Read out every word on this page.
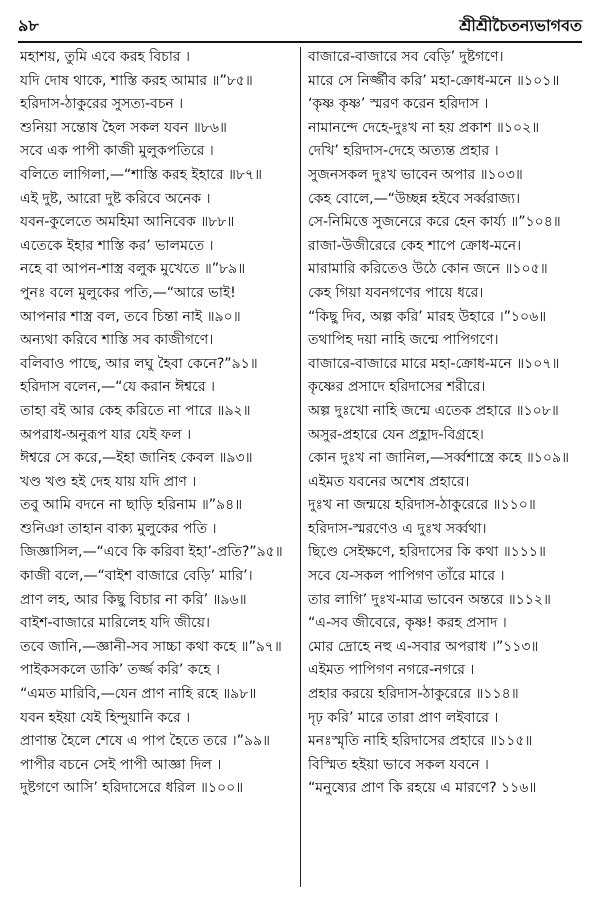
৯৮	শ্রীশ্রীচৈতন্যভাগবত
মহাশয়, তুমি এবে করহ বিচার ।
যদি দোষ থাকে, শাস্তি করহ আমার ॥”৮৫॥
হরিদাস-ঠাকুরের সুসত্য-বচন ।
শুনিয়া সন্তোষ হৈল সকল যবন ॥৮৬॥
সবে এক পাপী কাজী মুলুকপতিরে ।
বলিতে লাগিলা,—“শাস্তি করহ ইহারে ॥৮৭॥
এই দুষ্ট, আরো দুষ্ট করিবে অনেক ।
যবন-কুলেতে অমহিমা আনিবেক ॥৮৮॥
এতেকে ইহার শাস্তি কর’ ভালমতে ।
নহে বা আপন-শাস্ত্র বলুক মুখেতে ॥”৮৯॥
পুনঃ বলে মুলুকের পতি,—“আরে ভাই!
আপনার শাস্ত্র বল, তবে চিন্তা নাই ॥৯০॥
অন্যথা করিবে শাস্তি সব কাজীগণে।
বলিবাও পাছে, আর লঘু হৈবা কেনে?”৯১॥
হরিদাস বলেন,—“যে করান ঈশ্বরে ।
তাহা বই আর কেহ করিতে না পারে ॥৯২॥
অপরাধ-অনুরূপ যার যেই ফল ।
ঈশ্বরে সে করে,—ইহা জানিহ কেবল ॥৯৩॥
খণ্ড খণ্ড হই দেহ যায় যদি প্রাণ ।
তবু আমি বদনে না ছাড়ি হরিনাম ॥”৯৪॥
শুনিঞা তাহান বাক্য মুলুকের পতি ।
জিজ্ঞাসিল,—“এবে কি করিবা ইহা’-প্রতি?”৯৫॥
কাজী বলে,—“বাইশ বাজারে বেড়ি’ মারি’।
প্রাণ লহ, আর কিছু বিচার না করি’ ॥৯৬॥
বাইশ-বাজারে মারিলেহ যদি জীয়ে।
তবে জানি,—জ্ঞানী-সব সাচ্চা কথা কহে ॥”৯৭॥
পাইকসকলে ডাকি’ তর্জ্জ করি’ কহে ।
“এমত মারিবি,—যেন প্রাণ নাহি রহে ॥৯৮॥
যবন হইয়া যেই হিন্দুয়ানি করে ।
প্রাণান্ত হৈলে শেষে এ পাপ হৈতে তরে ।”৯৯॥
পাপীর বচনে সেই পাপী আজ্ঞা দিল ।
দুষ্টগণে আসি’ হরিদাসেরে ধরিল ॥১০০॥
বাজারে-বাজারে সব বেড়ি’ দুষ্টগণে।
মারে সে নির্জ্জীব করি’ মহা-ক্রোধ-মনে ॥১০১॥
‘কৃষ্ণ কৃষ্ণ’ স্মরণ করেন হরিদাস ।
নামানন্দে দেহে-দুঃখ না হয় প্রকাশ ॥১০২॥
দেখি’ হরিদাস-দেহে অত্যন্ত প্রহার ।
সুজনসকল দুঃখ ভাবেন অপার ॥১০৩॥
কেহ বোলে,—“উচ্ছন্ন হইবে সর্ব্বরাজ্য।
সে-নিমিত্তে সুজনেরে করে হেন কার্য্য ॥”১০৪॥
রাজা-উজীরেরে কেহ শাপে ক্রোধ-মনে।
মারামারি করিতেও উঠে কোন জনে ॥১০৫॥
কেহ গিয়া যবনগণের পায়ে ধরে।
“কিছু দিব, অল্প করি’ মারহ উহারে ।”১০৬॥
তথাপিহ দয়া নাহি জন্মে পাপিগণে।
বাজারে-বাজারে মারে মহা-ক্রোধ-মনে ॥১০৭॥
কৃষ্ণের প্রসাদে হরিদাসের শরীরে।
অল্প দুঃখো নাহি জন্মে এতেক প্রহারে ॥১০৮॥
অসুর-প্রহারে যেন প্রহ্লাদ-বিগ্রহে।
কোন দুঃখ না জানিল,—সর্ব্বশাস্ত্রে কহে ॥১০৯॥
এইমত যবনের অশেষ প্রহারে।
দুঃখ না জন্ময়ে হরিদাস-ঠাকুরেরে ॥১১০॥
হরিদাস-স্মরণেও এ দুঃখ সর্ব্বথা।
ছিণ্ডে সেইক্ষণে, হরিদাসের কি কথা ॥১১১॥
সবে যে-সকল পাপিগণ তাঁরে মারে ।
তার লাগি’ দুঃখ-মাত্র ভাবেন অন্তরে ॥১১২॥
“এ-সব জীবেরে, কৃষ্ণ! করহ প্রসাদ ।
মোর দ্রোহে নহু এ-সবার অপরাধ ।”১১৩॥
এইমত পাপিগণ নগরে-নগরে ।
প্রহার করয়ে হরিদাস-ঠাকুরেরে ॥১১৪॥
দৃঢ় করি’ মারে তারা প্রাণ লইবারে ।
মনঃস্মৃতি নাহি হরিদাসের প্রহারে ॥১১৫॥
বিস্মিত হইয়া ভাবে সকল যবনে ।
“মনুষ্যের প্রাণ কি রহয়ে এ মারণে? ১১৬॥
